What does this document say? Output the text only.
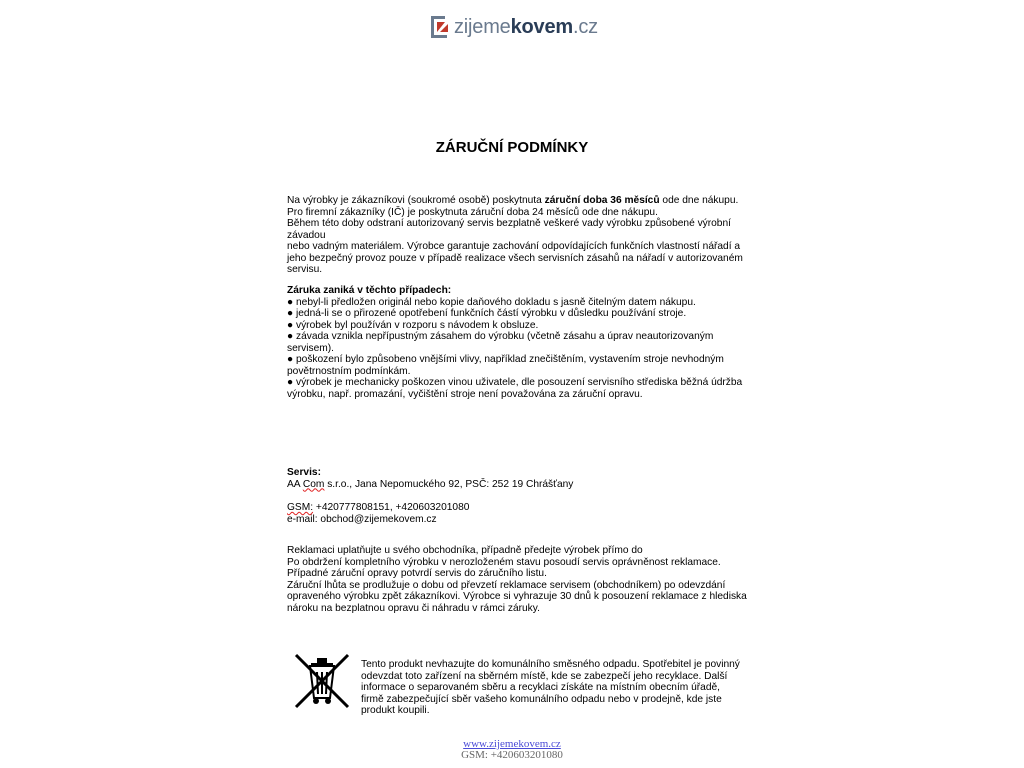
zijemekovem.cz
ZÁRUČNÍ PODMÍNKY
Na výrobky je zákazníkovi (soukromé osobě) poskytnuta záruční doba 36 měsíců ode dne nákupu.
Pro firemní zákazníky (IČ) je poskytnuta záruční doba 24 měsíců ode dne nákupu.
Během této doby odstraní autorizovaný servis bezplatně veškeré vady výrobku způsobené výrobní závadou
nebo vadným materiálem. Výrobce garantuje zachování odpovídajících funkčních vlastností nářadí a jeho bezpečný provoz pouze v případě realizace všech servisních zásahů na nářadí v autorizovaném servisu.
Záruka zaniká v těchto případech:
● nebyl-li předložen originál nebo kopie daňového dokladu s jasně čitelným datem nákupu.
● jedná-li se o přirozené opotřebení funkčních částí výrobku v důsledku používání stroje.
● výrobek byl používán v rozporu s návodem k obsluze.
● závada vznikla nepřípustným zásahem do výrobku (včetně zásahu a úprav neautorizovaným servisem).
● poškození bylo způsobeno vnějšími vlivy, například znečištěním, vystavením stroje nevhodným povětrnostním podmínkám.
● výrobek je mechanicky poškozen vinou uživatele, dle posouzení servisního střediska běžná údržba výrobku, např. promazání, vyčištění stroje není považována za záruční opravu.
Servis:
AA Com s.r.o., Jana Nepomuckého 92, PSČ: 252 19 Chrášťany
GSM: +420777808151, +420603201080
e-mail: obchod@zijemekovem.cz
Reklamaci uplatňujte u svého obchodníka, případně předejte výrobek přímo do
Po obdržení kompletního výrobku v nerozloženém stavu posoudí servis oprávněnost reklamace.
Případné záruční opravy potvrdí servis do záručního listu.
Záruční lhůta se prodlužuje o dobu od převzetí reklamace servisem (obchodníkem) po odevzdání opraveného výrobku zpět zákazníkovi. Výrobce si vyhrazuje 30 dnů k posouzení reklamace z hlediska nároku na bezplatnou opravu či náhradu v rámci záruky.
Tento produkt nevhazujte do komunálního směsného odpadu. Spotřebitel je povinný odevzdat toto zařízení na sběrném místě, kde se zabezpečí jeho recyklace. Další informace o separovaném sběru a recyklaci získáte na místním obecním úřadě, firmě zabezpečující sběr vašeho komunálního odpadu nebo v prodejně, kde jste produkt koupili.
www.zijemekovem.cz
GSM: +420603201080
